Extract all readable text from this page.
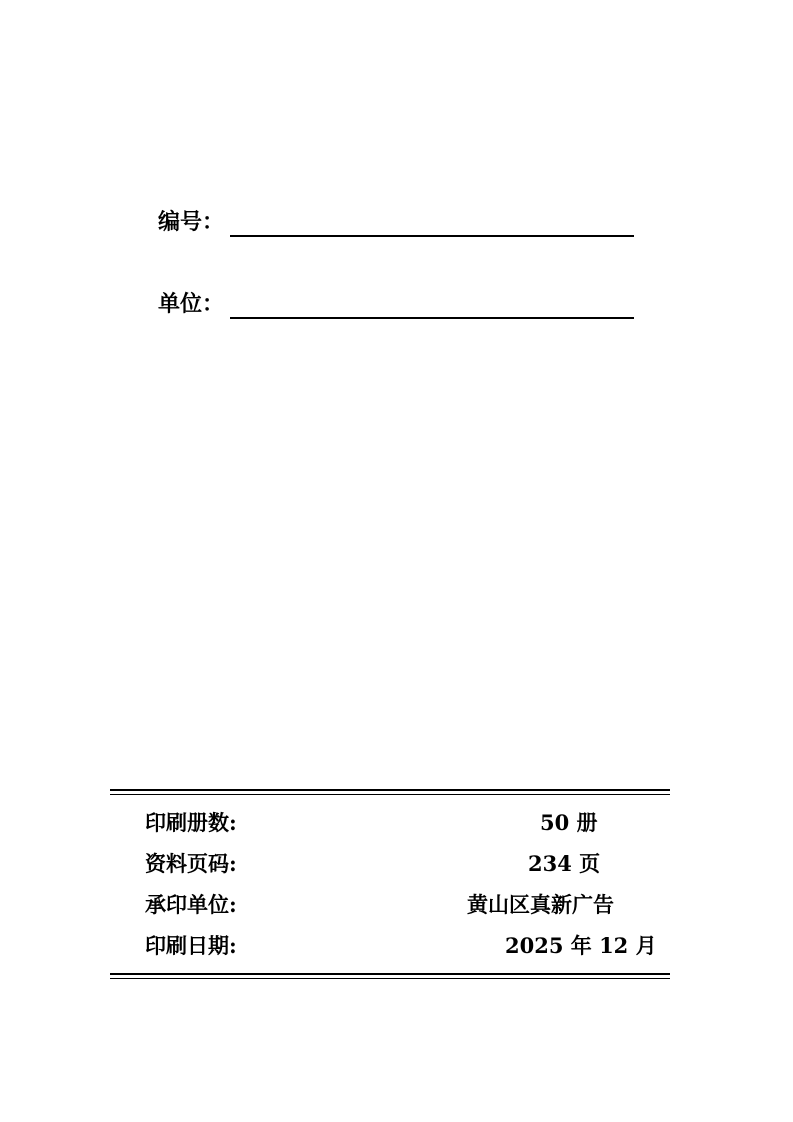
编号：
单位：
印刷册数:	50 册
资料页码:	234 页
承印单位:	黄山区真新广告
印刷日期:	2025 年 12 月
